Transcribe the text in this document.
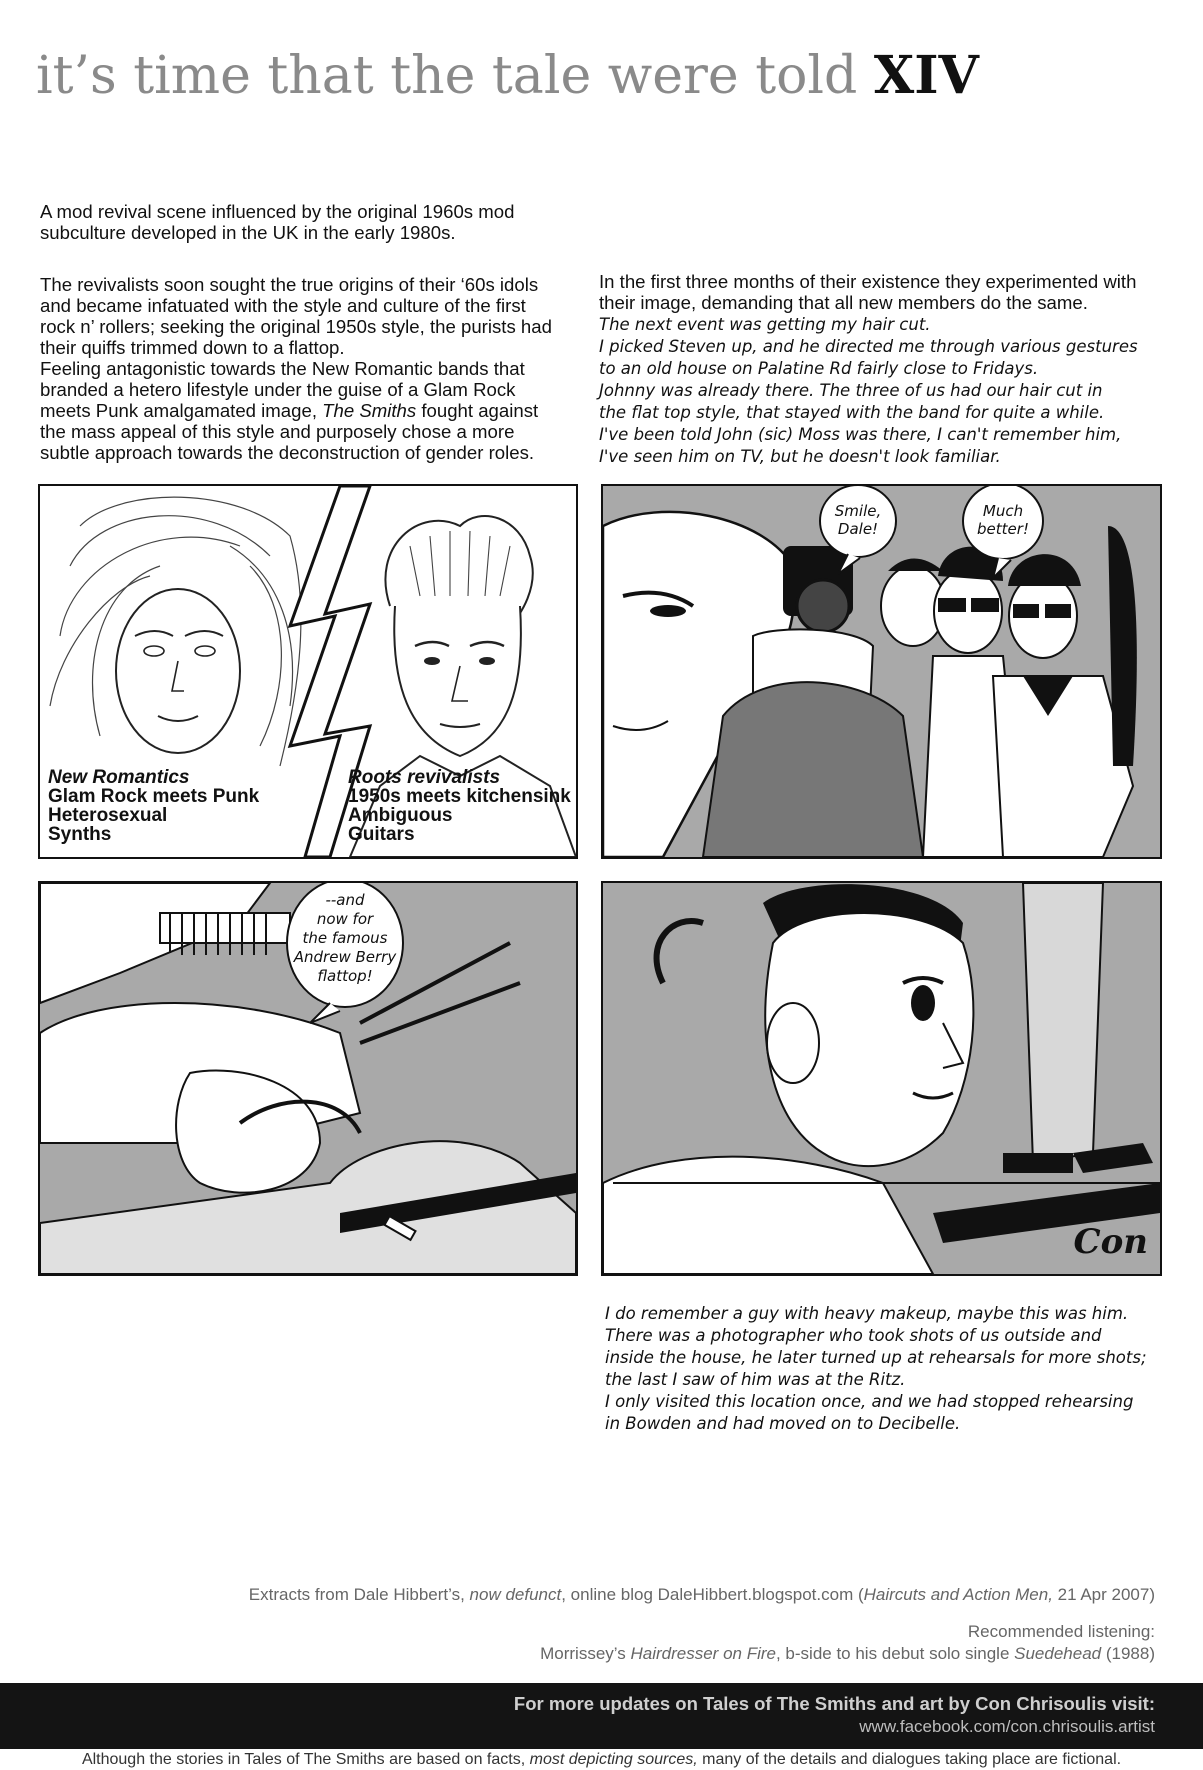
it’s time that the tale were told XIV
A mod revival scene influenced by the original 1960s mod subculture developed in the UK in the early 1980s.
The revivalists soon sought the true origins of their ‘60s idols and became infatuated with the style and culture of the first rock n’ rollers; seeking the original 1950s style, the purists had their quiffs trimmed down to a flattop.
Feeling antagonistic towards the New Romantic bands that branded a hetero lifestyle under the guise of a Glam Rock meets Punk amalgamated image, The Smiths fought against the mass appeal of this style and purposely chose a more subtle approach towards the deconstruction of gender roles.
In the first three months of their existence they experimented with their image, demanding that all new members do the same.
The next event was getting my hair cut.
I picked Steven up, and he directed me through various gestures
to an old house on Palatine Rd fairly close to Fridays.
Johnny was already there. The three of us had our hair cut in
the flat top style, that stayed with the band for quite a while.
I've been told John (sic) Moss was there, I can't remember him,
I've seen him on TV, but he doesn't look familiar.
New Romantics
Glam Rock meets Punk
Heterosexual
Synths
Roots revivalists
1950s meets kitchensink
Ambiguous
Guitars
Smile,
Dale!
Much
better!
--and
now for
the famous
Andrew Berry
flattop!
Con
I do remember a guy with heavy makeup, maybe this was him.
There was a photographer who took shots of us outside and
inside the house, he later turned up at rehearsals for more shots;
the last I saw of him was at the Ritz.
I only visited this location once, and we had stopped rehearsing
in Bowden and had moved on to Decibelle.
Extracts from Dale Hibbert’s, now defunct, online blog DaleHibbert.blogspot.com (Haircuts and Action Men, 21 Apr 2007)
Recommended listening:
Morrissey’s Hairdresser on Fire, b-side to his debut solo single Suedehead (1988)
For more updates on Tales of The Smiths and art by Con Chrisoulis visit:
www.facebook.com/con.chrisoulis.artist
Although the stories in Tales of The Smiths are based on facts, most depicting sources, many of the details and dialogues taking place are fictional.
